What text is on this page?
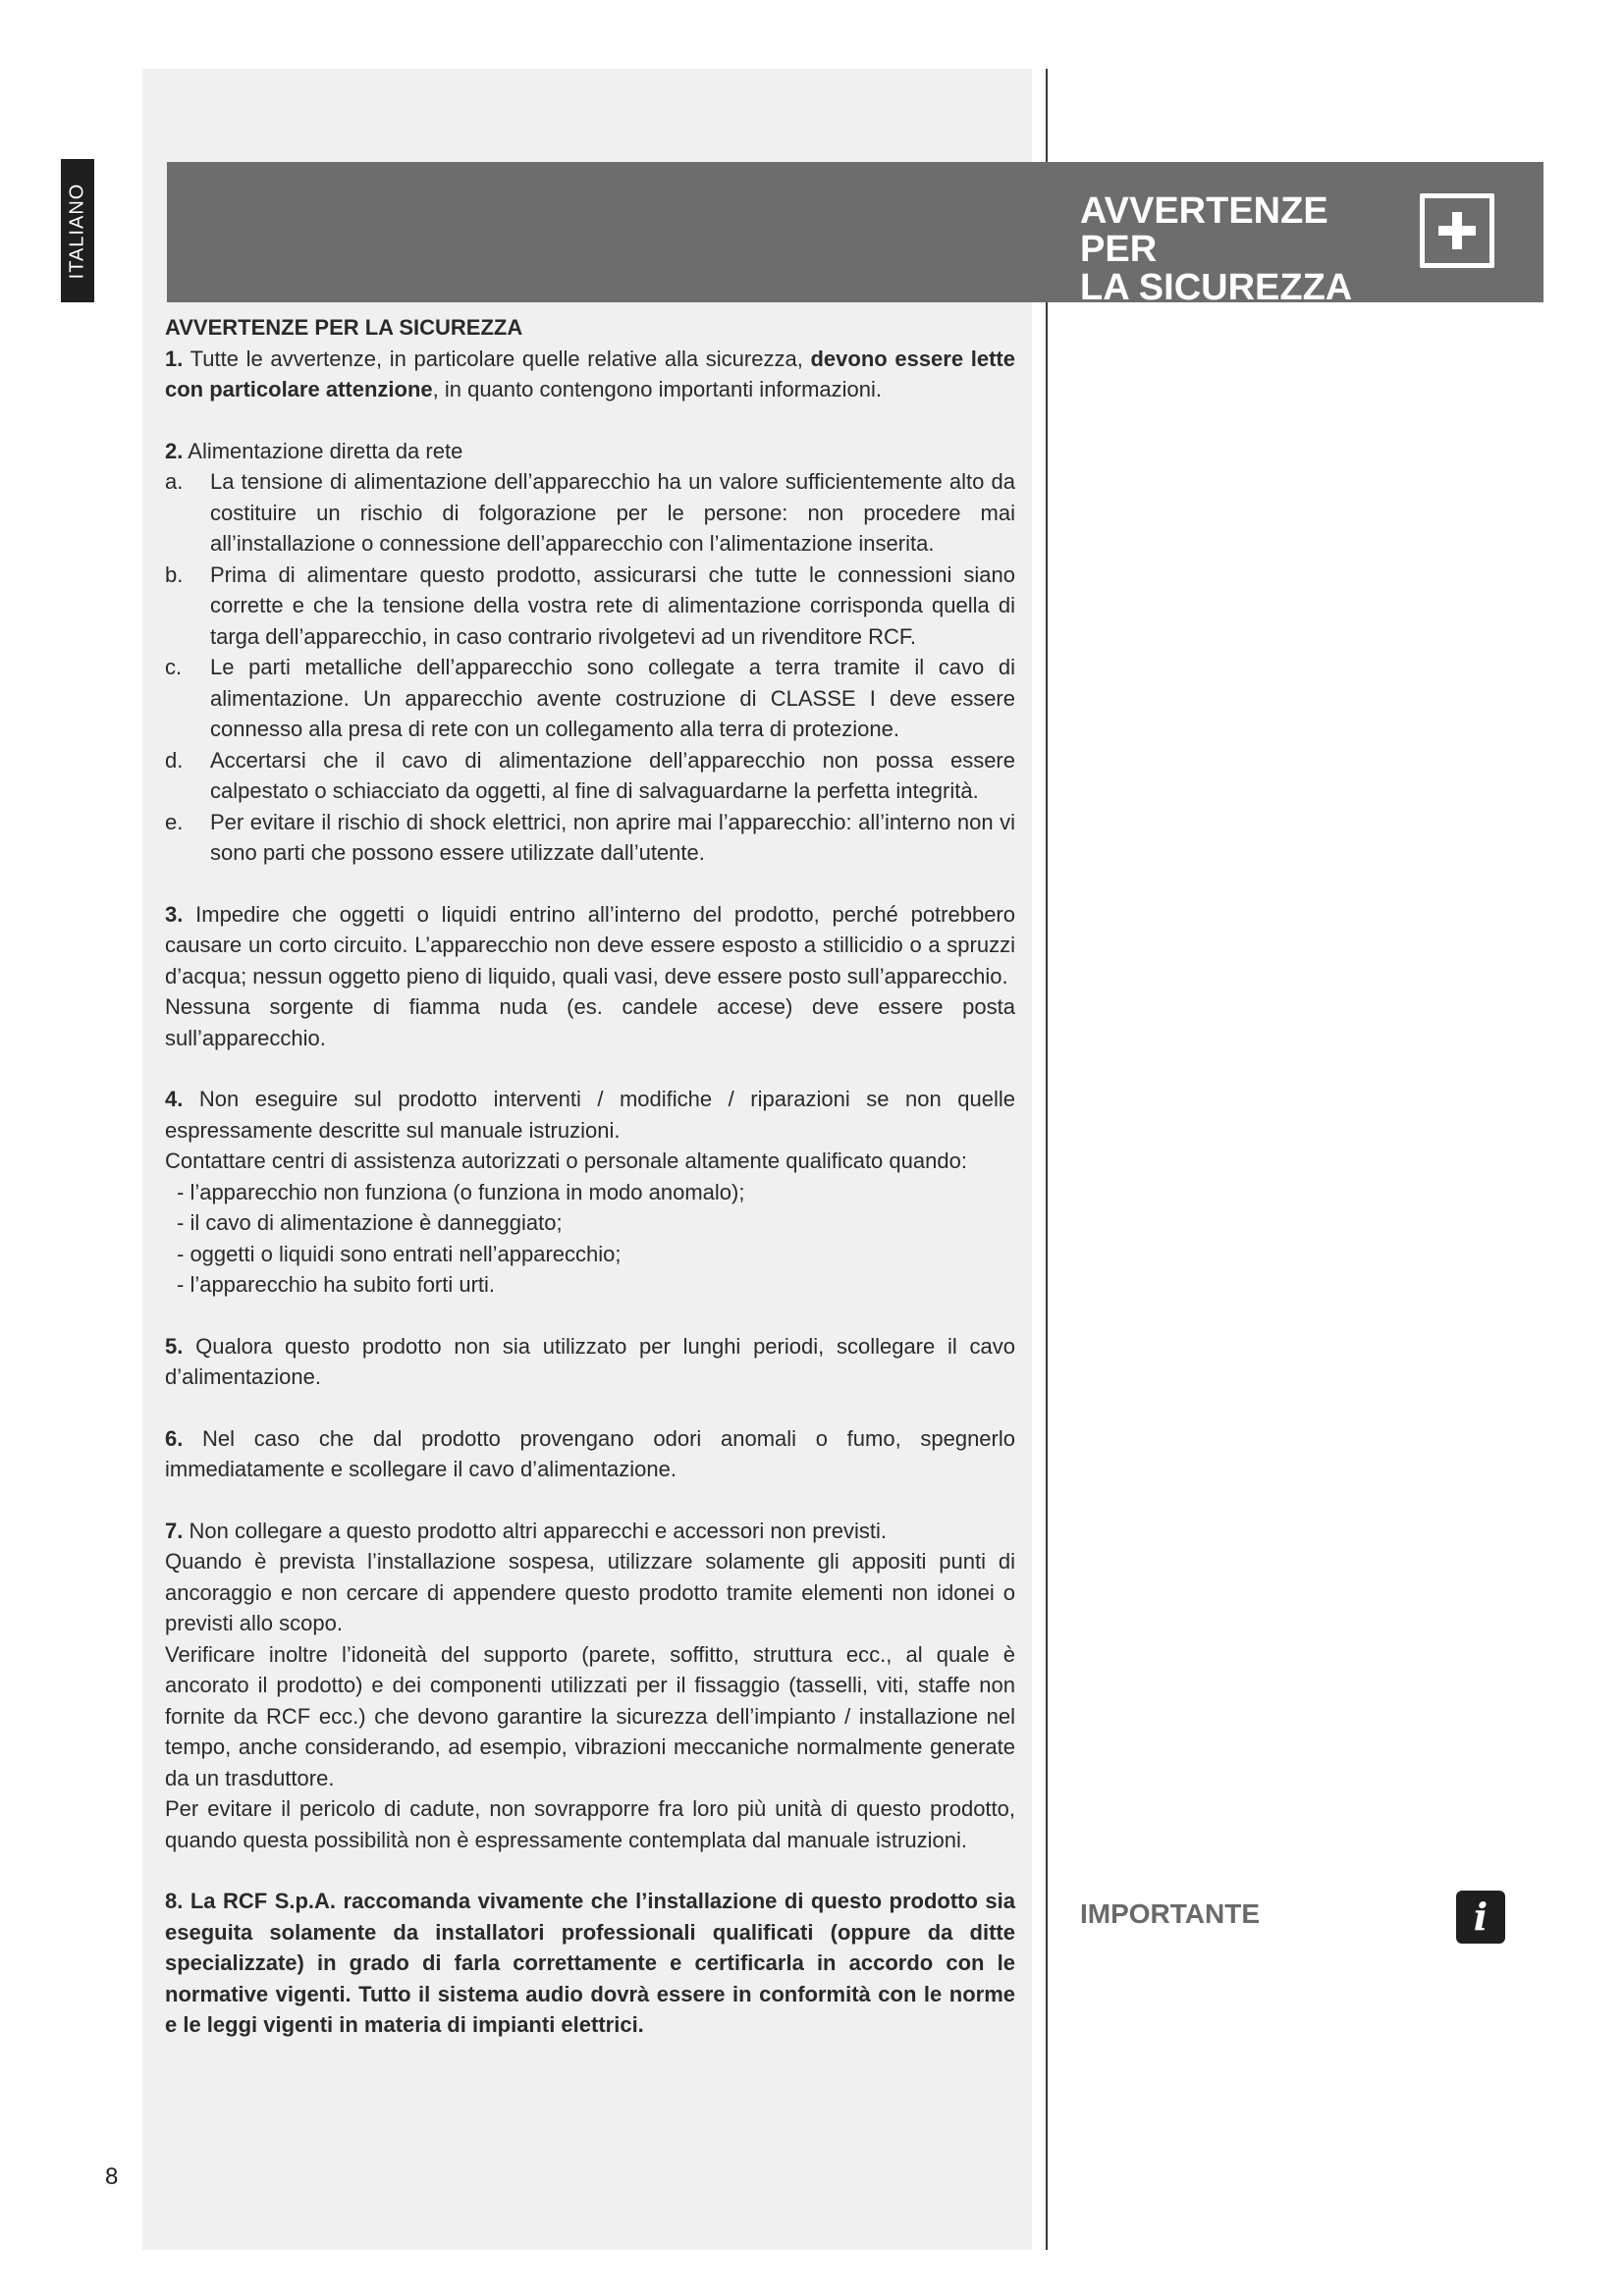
ITALIANO	AVVERTENZE PER
LA SICUREZZA

AVVERTENZE PER LA SICUREZZA

1. Tutte le avvertenze, in particolare quelle relative alla sicurezza, devono essere lette con particolare attenzione, in quanto contengono importanti informazioni.

2. Alimentazione diretta da rete

a.	La tensione di alimentazione dell’apparecchio ha un valore sufficientemente alto da costituire un rischio di folgorazione per le persone: non procedere mai all’installazione o connessione dell’apparecchio con l’alimentazione inserita.
b.	Prima di alimentare questo prodotto, assicurarsi che tutte le connessioni siano corrette e che la tensione della vostra rete di alimentazione corrisponda quella di targa dell’apparecchio, in caso contrario rivolgetevi ad un rivenditore RCF.
c.	Le parti metalliche dell’apparecchio sono collegate a terra tramite il cavo di alimentazione. Un apparecchio avente costruzione di CLASSE I deve essere connesso alla presa di rete con un collegamento alla terra di protezione.
d.	Accertarsi che il cavo di alimentazione dell’apparecchio non possa essere calpestato o schiacciato da oggetti, al fine di salvaguardarne la perfetta integrità.
e.	Per evitare il rischio di shock elettrici, non aprire mai l’apparecchio: all’interno non vi sono parti che possono essere utilizzate dall’utente.

3. Impedire che oggetti o liquidi entrino all’interno del prodotto, perché potrebbero causare un corto circuito. L’apparecchio non deve essere esposto a stillicidio o a spruzzi d’acqua; nessun oggetto pieno di liquido, quali vasi, deve essere posto sull’apparecchio.

Nessuna sorgente di fiamma nuda (es. candele accese) deve essere posta sull’apparecchio.

4. Non eseguire sul prodotto interventi / modifiche / riparazioni se non quelle espressamente descritte sul manuale istruzioni.

Contattare centri di assistenza autorizzati o personale altamente qualificato quando:

- l’apparecchio non funziona (o funziona in modo anomalo);

- il cavo di alimentazione è danneggiato;

- oggetti o liquidi sono entrati nell’apparecchio;

- l’apparecchio ha subito forti urti.

5. Qualora questo prodotto non sia utilizzato per lunghi periodi, scollegare il cavo d’alimentazione.

6. Nel caso che dal prodotto provengano odori anomali o fumo, spegnerlo immediatamente e scollegare il cavo d’alimentazione.

7. Non collegare a questo prodotto altri apparecchi e accessori non previsti.

Quando è prevista l’installazione sospesa, utilizzare solamente gli appositi punti di ancoraggio e non cercare di appendere questo prodotto tramite elementi non idonei o previsti allo scopo.

Verificare inoltre l’idoneità del supporto (parete, soffitto, struttura ecc., al quale è ancorato il prodotto) e dei componenti utilizzati per il fissaggio (tasselli, viti, staffe non fornite da RCF ecc.) che devono garantire la sicurezza dell’impianto / installazione nel tempo, anche considerando, ad esempio, vibrazioni meccaniche normalmente generate da un trasduttore.

Per evitare il pericolo di cadute, non sovrapporre fra loro più unità di questo prodotto, quando questa possibilità non è espressamente contemplata dal manuale istruzioni.

8. La RCF S.p.A. raccomanda vivamente che l’installazione di questo prodotto sia eseguita solamente da installatori professionali qualificati (oppure da ditte specializzate) in grado di farla correttamente e certificarla in accordo con le normative vigenti. Tutto il sistema audio dovrà essere in conformità con le norme e le leggi vigenti in materia di impianti elettrici.

IMPORTANTE	i
8
